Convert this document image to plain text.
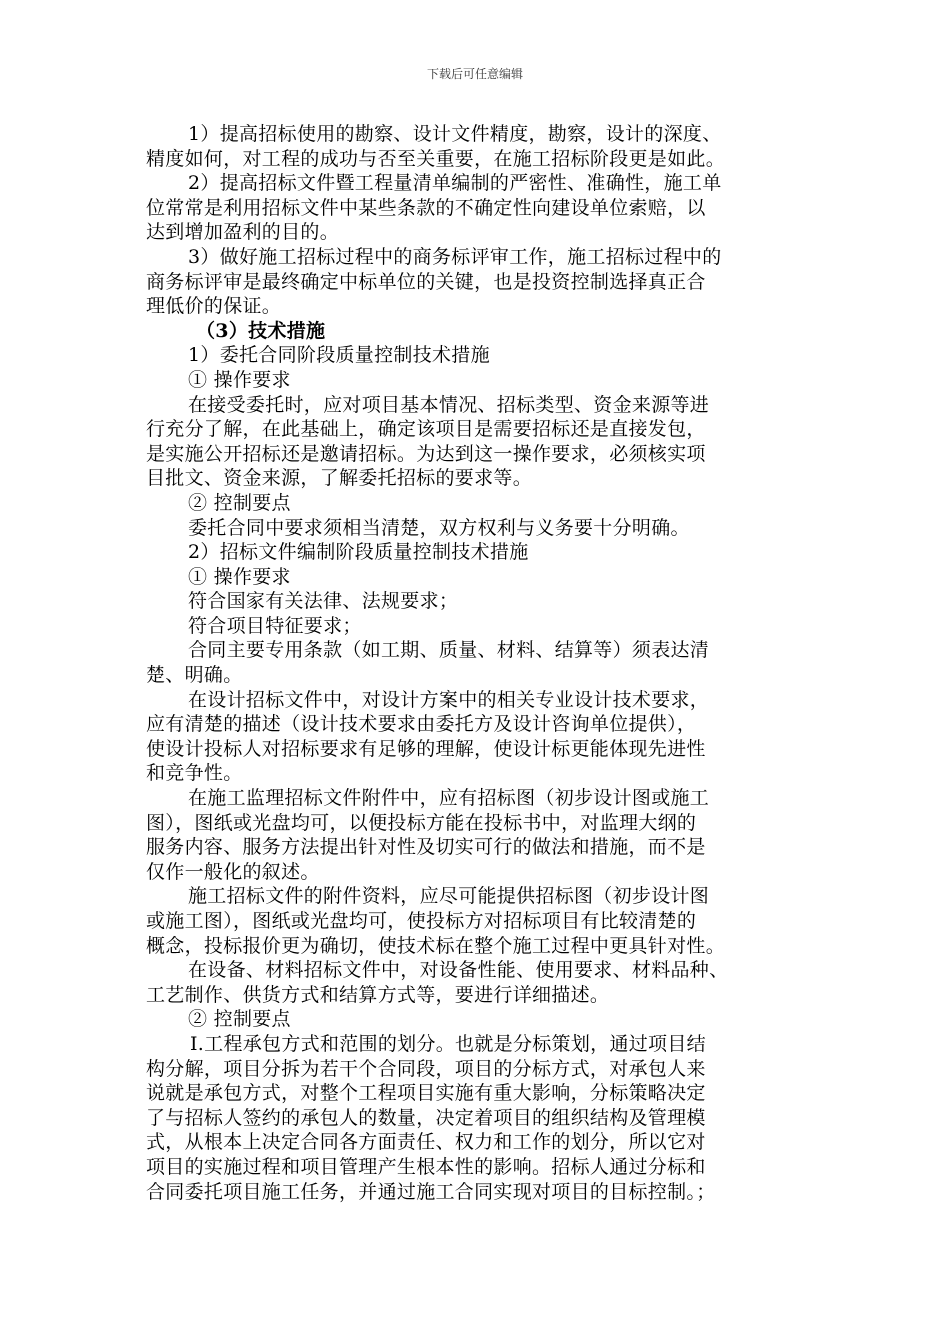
下载后可任意编辑
1）提高招标使用的勘察、设计文件精度，勘察，设计的深度、
精度如何，对工程的成功与否至关重要，在施工招标阶段更是如此。
2）提高招标文件暨工程量清单编制的严密性、准确性，施工单
位常常是利用招标文件中某些条款的不确定性向建设单位索赔，以
达到增加盈利的目的。
3）做好施工招标过程中的商务标评审工作，施工招标过程中的
商务标评审是最终确定中标单位的关键，也是投资控制选择真正合
理低价的保证。
（3）技术措施
1）委托合同阶段质量控制技术措施
① 操作要求
在接受委托时，应对项目基本情况、招标类型、资金来源等进
行充分了解，在此基础上，确定该项目是需要招标还是直接发包，
是实施公开招标还是邀请招标。为达到这一操作要求，必须核实项
目批文、资金来源，了解委托招标的要求等。
② 控制要点
委托合同中要求须相当清楚，双方权利与义务要十分明确。
2）招标文件编制阶段质量控制技术措施
① 操作要求
符合国家有关法律、法规要求；
符合项目特征要求；
合同主要专用条款（如工期、质量、材料、结算等）须表达清
楚、明确。
在设计招标文件中，对设计方案中的相关专业设计技术要求，
应有清楚的描述（设计技术要求由委托方及设计咨询单位提供），
使设计投标人对招标要求有足够的理解，使设计标更能体现先进性
和竞争性。
在施工监理招标文件附件中，应有招标图（初步设计图或施工
图），图纸或光盘均可，以便投标方能在投标书中，对监理大纲的
服务内容、服务方法提出针对性及切实可行的做法和措施，而不是
仅作一般化的叙述。
施工招标文件的附件资料，应尽可能提供招标图（初步设计图
或施工图），图纸或光盘均可，使投标方对招标项目有比较清楚的
概念，投标报价更为确切，使技术标在整个施工过程中更具针对性。
在设备、材料招标文件中，对设备性能、使用要求、材料品种、
工艺制作、供货方式和结算方式等，要进行详细描述。
② 控制要点
Ⅰ.工程承包方式和范围的划分。也就是分标策划，通过项目结
构分解，项目分拆为若干个合同段，项目的分标方式，对承包人来
说就是承包方式，对整个工程项目实施有重大影响，分标策略决定
了与招标人签约的承包人的数量，决定着项目的组织结构及管理模
式，从根本上决定合同各方面责任、权力和工作的划分，所以它对
项目的实施过程和项目管理产生根本性的影响。招标人通过分标和
合同委托项目施工任务，并通过施工合同实现对项目的目标控制。；
